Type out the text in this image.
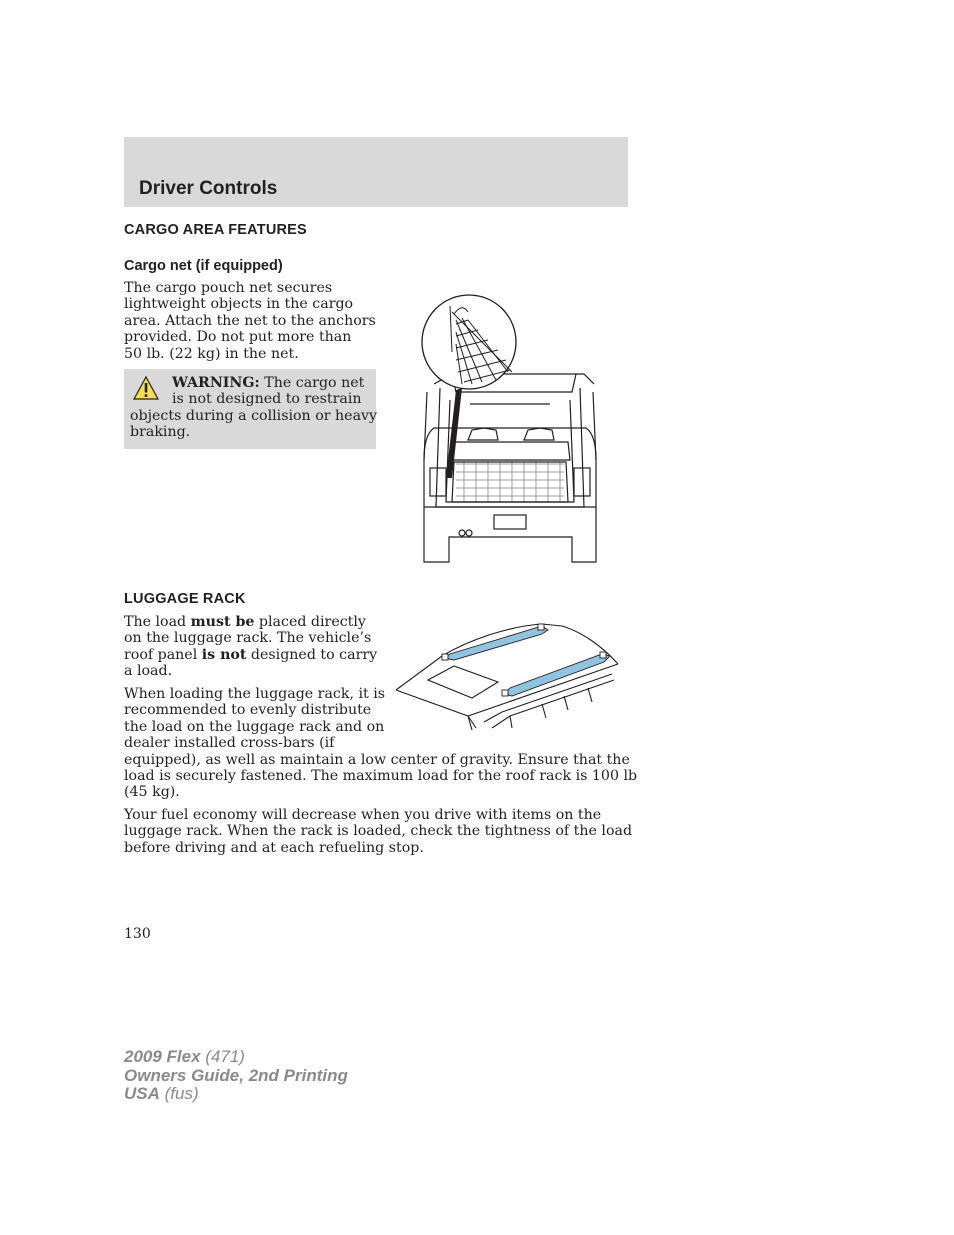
Driver Controls
CARGO AREA FEATURES
Cargo net (if equipped)
The cargo pouch net secures
lightweight objects in the cargo
area. Attach the net to the anchors
provided. Do not put more than
50 lb. (22 kg) in the net.
WARNING: The cargo net
is not designed to restrain
objects during a collision or heavy
braking.
LUGGAGE RACK
The load must be placed directly
on the luggage rack. The vehicle’s
roof panel is not designed to carry
a load.
When loading the luggage rack, it is
recommended to evenly distribute
the load on the luggage rack and on
dealer installed cross-bars (if
equipped), as well as maintain a low center of gravity. Ensure that the
load is securely fastened. The maximum load for the roof rack is 100 lb
(45 kg).
Your fuel economy will decrease when you drive with items on the
luggage rack. When the rack is loaded, check the tightness of the load
before driving and at each refueling stop.

130

2009 Flex (471)
Owners Guide, 2nd Printing
USA (fus)
